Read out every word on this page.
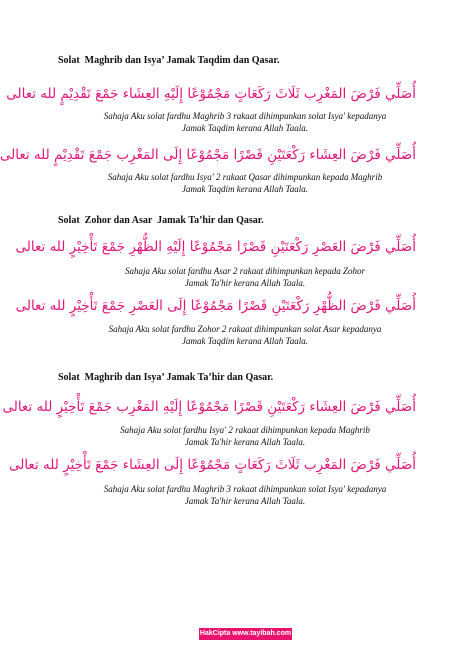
Solat  Maghrib dan Isya’ Jamak Taqdim dan Qasar.
أُصَلِّي فَرْضَ المَغْرِب ثَلَاثَ رَكَعَاتٍ مَجْمُوْعًا إِلَيْهِ العِشَاء جَمْعَ تَقْدِيْمٍ لله تعالى
Sahaja Aku solat fardhu Maghrib 3 rakaat dihimpunkan solat Isya' kepadanya
Jamak Taqdim kerana Allah Taala.
أُصَلِّي فَرْضَ العِشَاء رَكْعَتَيْنِ قَصْرًا مَجْمُوْعًا إِلَى المَغْرِب جَمْعَ تَقْدِيْمٍ لله تعالى
Sahaja Aku solat fardhu Isya' 2 rakaat Qasar dihimpunkan kepada Maghrib
Jamak Taqdim kerana Allah Taala.
Solat  Zohor dan Asar  Jamak Ta’hir dan Qasar.
أُصَلِّي فَرْضَ العَصْرِ رَكْعَتَيْنِ قَصْرًا مَجْمُوْعًا إِلَيْهِ الظُّهْرِ جَمْعَ تَأْخِيْرٍ لله تعالى
Sahaja Aku solat fardhu Asar 2 rakaat dihimpunkan kepada Zohor
Jamak Ta'hir kerana Allah Taala.
أُصَلِّي فَرْضَ الظُّهْرِ رَكْعَتَيْنِ قَصْرًا مَجْمُوْعًا إِلَى العَصْرِ جَمْعَ تَأْخِيْرٍ لله تعالى
Sahaja Aku solat fardhu Zohor 2 rakaat dihimpunkan solat Asar kepadanya
Jamak Taqdim kerana Allah Taala.
Solat  Maghrib dan Isya’ Jamak Ta’hir dan Qasar.
أُصَلِّي فَرْضَ العِشَاء رَكْعَتَيْنِ قَصْرًا مَجْمُوْعًا إِلَيْهِ المَغْرِب جَمْعَ تَأْخِيْرٍ لله تعالى
Sahaja Aku solat fardhu Isya' 2 rakaat dihimpunkan kepada Maghrib
Jamak Ta'hir kerana Allah Taala.
أُصَلِّي فَرْضَ المَغْرِب ثَلَاثَ رَكَعَاتٍ مَجْمُوْعًا إِلَى العِشَاء جَمْعَ تَأْخِيْرٍ لله تعالى
Sahaja Aku solat fardhu Maghrib 3 rakaat dihimpunkan solat Isya' kepadanya
Jamak Ta'hir kerana Allah Taala.
HakCipta www.tayibah.com
